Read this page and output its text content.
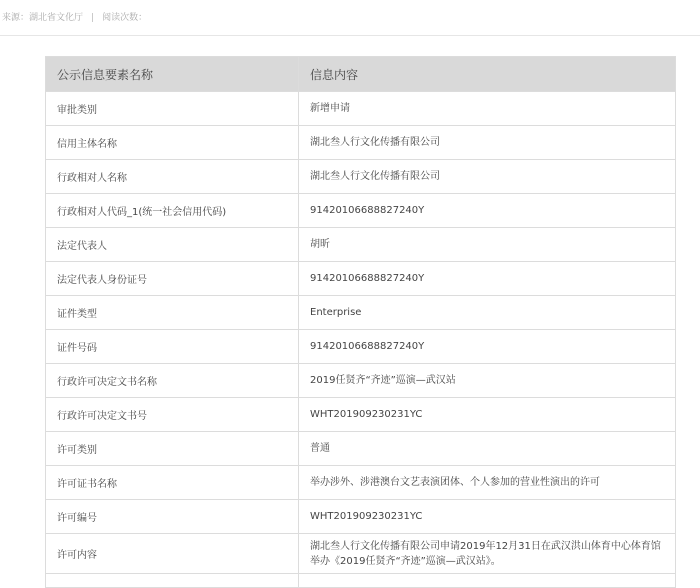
来源：湖北省文化厅 | 阅读次数：
公示信息要素名称	信息内容
审批类别	新增申请
信用主体名称	湖北叁人行文化传播有限公司
行政相对人名称	湖北叁人行文化传播有限公司
行政相对人代码_1(统一社会信用代码)	91420106688827240Y
法定代表人	胡昕
法定代表人身份证号	91420106688827240Y
证件类型	Enterprise
证件号码	91420106688827240Y
行政许可决定文书名称	2019任贤齐“齐迹”巡演—武汉站
行政许可决定文书号	WHT201909230231YC
许可类别	普通
许可证书名称	举办涉外、涉港澳台文艺表演团体、个人参加的营业性演出的许可
许可编号	WHT201909230231YC
许可内容	湖北叁人行文化传播有限公司申请2019年12月31日在武汉洪山体育中心体育馆举办《2019任贤齐“齐迹”巡演—武汉站》。
